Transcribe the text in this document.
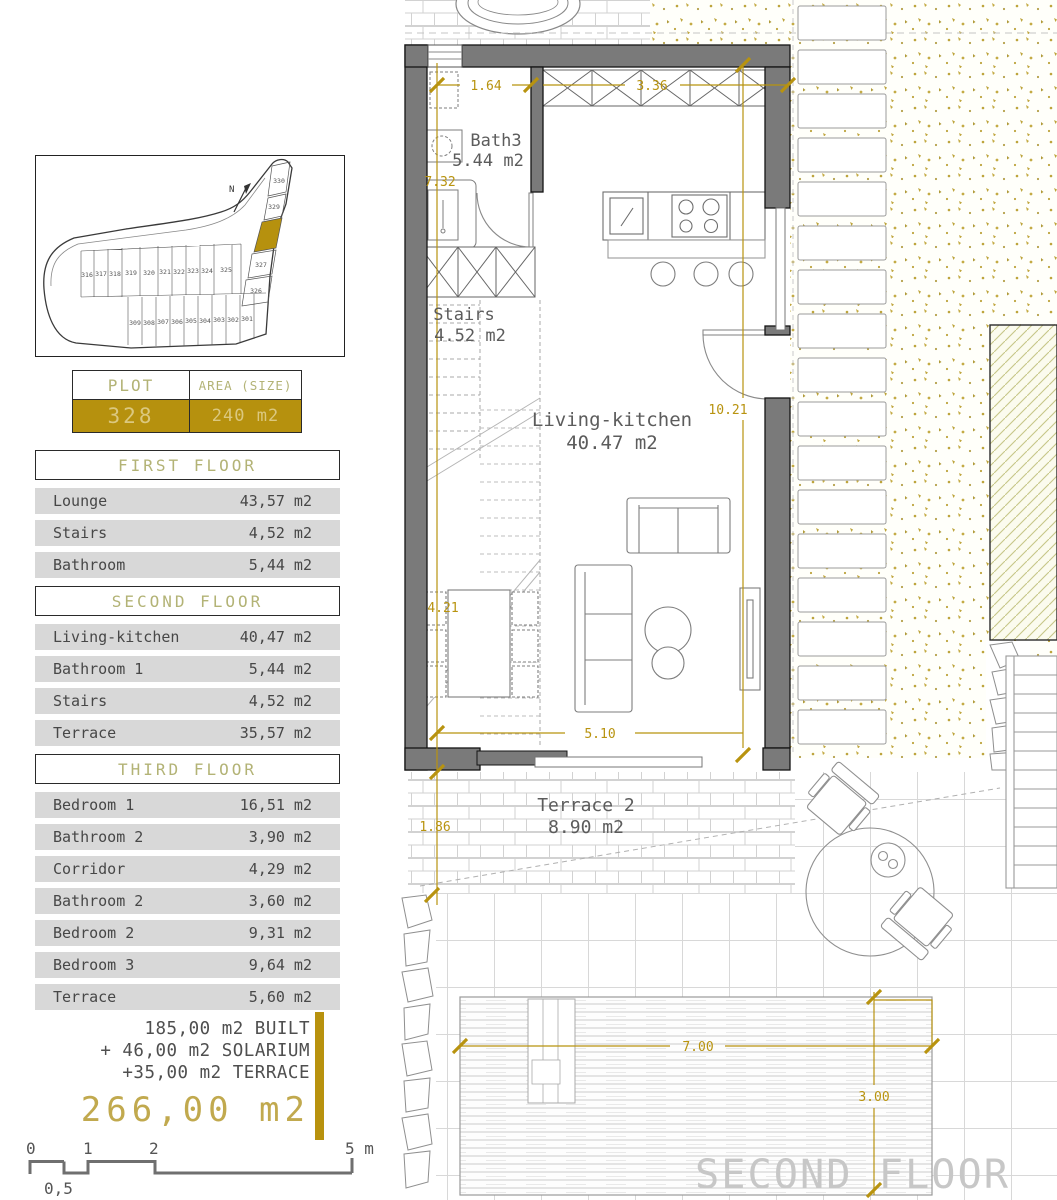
330
329
327
326
316 317 318 319 320 321 322 323 324 325
309 308 307 306 305 304 303 302 301
N
PLOT	AREA (SIZE)
328	240 m2
FIRST FLOOR
Lounge	43,57 m2
Stairs	4,52 m2
Bathroom	5,44 m2
SECOND FLOOR
Living-kitchen	40,47 m2
Bathroom 1	5,44 m2
Stairs	4,52 m2
Terrace	35,57 m2
THIRD FLOOR
Bedroom 1	16,51 m2
Bathroom 2	3,90 m2
Corridor	4,29 m2
Bathroom 2	3,60 m2
Bedroom 2	9,31 m2
Bedroom 3	9,64 m2
Terrace	5,60 m2
185,00 m2 BUILT
+ 46,00 m2 SOLARIUM
+35,00 m2 TERRACE
266,00 m2
0	1	2	5 m
0,5
1.64	3.36
7.32
10.21
4.21
5.10
1.86
7.00
3.00
Bath3
5.44 m2
Stairs
4.52 m2
Living-kitchen
40.47 m2
Terrace 2
8.90 m2
SECOND FLOOR
